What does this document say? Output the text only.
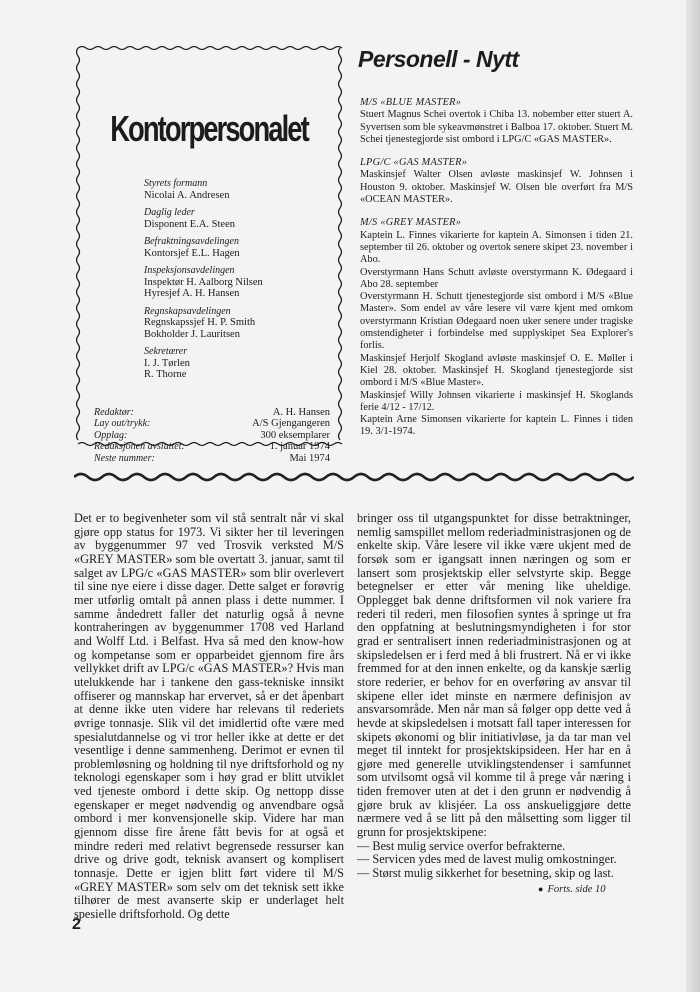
Kontorpersonalet
Styrets formann
Nicolai A. Andresen
Daglig leder
Disponent E.A. Steen
Befraktningsavdelingen
Kontorsjef E.L. Hagen
Inspeksjonsavdelingen
Inspektør H. Aalborg Nilsen
Hyresjef A. H. Hansen
Regnskapsavdelingen
Regnskapssjef H. P. Smith
Bokholder J. Lauritsen
Sekretærer
I. J. Tørlen
R. Thorne
Redaktør:	A. H. Hansen
Lay out/trykk:	A/S Gjengangeren
Opplag:	300 eksemplarer
Redaksjonen avsluttet:	1. januar 1974
Neste nummer:	Mai 1974
Personell - Nytt
M/S «BLUE MASTER»

Stuert Magnus Schei overtok i Chiba 13. nobember etter stuert A. Syvertsen som ble sykeavmønstret i Balboa 17. oktober. Stuert M. Schei tjenestegjorde sist ombord i LPG/C «GAS MASTER».

LPG/C «GAS MASTER»

Maskinsjef Walter Olsen avløste maskinsjef W. Johnsen i Houston 9. oktober. Maskinsjef W. Olsen ble overført fra M/S «OCEAN MASTER».

M/S «GREY MASTER»

Kaptein L. Finnes vikarierte for kaptein A. Simonsen i tiden 21. september til 26. oktober og overtok senere skipet 23. november i Abo.

Overstyrmann Hans Schutt avløste overstyrmann K. Ødegaard i Abo 28. september

Overstyrmann H. Schutt tjenestegjorde sist ombord i M/S «Blue Master». Som endel av våre lesere vil være kjent med omkom overstyrmann Kristian Ødegaard noen uker senere under tragiske omstendigheter i forbindelse med supplyskipet Sea Explorer's forlis.

Maskinsjef Herjolf Skogland avløste maskinsjef O. E. Møller i Kiel 28. oktober. Maskinsjef H. Skogland tjenestegjorde sist ombord i M/S «Blue Master».

Maskinsjef Willy Johnsen vikarierte i maskinsjef H. Skoglands ferie 4/12 - 17/12.

Kaptein Arne Simonsen vikarierte for kaptein L. Finnes i tiden 19. 3/1-1974.

Det er to begivenheter som vil stå sentralt når vi skal gjøre opp status for 1973. Vi sikter her til leveringen av byggenummer 97 ved Trosvik verksted M/S «GREY MASTER» som ble overtatt 3. januar, samt til salget av LPG/c «GAS MASTER» som blir overlevert til sine nye eiere i disse dager. Dette salget er forøvrig mer utførlig omtalt på annen plass i dette nummer. I samme åndedrett faller det naturlig også å nevne kontraheringen av byggenummer 1708 ved Harland and Wolff Ltd. i Belfast. Hva så med den know-how og kompetanse som er opparbeidet gjennom fire års vellykket drift av LPG/c «GAS MASTER»? Hvis man utelukkende har i tankene den gass-tekniske innsikt offiserer og mannskap har ervervet, så er det åpenbart at denne ikke uten videre har relevans til rederiets øvrige tonnasje. Slik vil det imidlertid ofte være med spesialutdannelse og vi tror heller ikke at dette er det vesentlige i denne sammenheng. Derimot er evnen til problemløsning og holdning til nye driftsforhold og ny teknologi egenskaper som i høy grad er blitt utviklet ved tjeneste ombord i dette skip. Og nettopp disse egenskaper er meget nødvendig og anvendbare også ombord i mer konvensjonelle skip. Videre har man gjennom disse fire årene fått bevis for at også et mindre rederi med relativt begrensede ressurser kan drive og drive godt, teknisk avansert og komplisert tonnasje. Dette er igjen blitt ført videre til M/S «GREY MASTER» som selv om det teknisk sett ikke tilhører de mest avanserte skip er underlaget helt spesielle driftsforhold. Og dette

bringer oss til utgangspunktet for disse betraktninger, nemlig samspillet mellom rederiadministrasjonen og de enkelte skip. Våre lesere vil ikke være ukjent med de forsøk som er igangsatt innen næringen og som er lansert som prosjektskip eller selvstyrte skip. Begge betegnelser er etter vår mening like uheldige. Opplegget bak denne driftsformen vil nok variere fra rederi til rederi, men filosofien syntes å springe ut fra den oppfatning at beslutningsmyndigheten i for stor grad er sentralisert innen rederiadministrasjonen og at skipsledelsen er i ferd med å bli frustrert. Nå er vi ikke fremmed for at den innen enkelte, og da kanskje særlig store rederier, er behov for en overføring av ansvar til skipene eller idet minste en nærmere definisjon av ansvarsområde. Men når man så følger opp dette ved å hevde at skipsledelsen i motsatt fall taper interessen for skipets økonomi og blir initiativløse, ja da tar man vel meget til inntekt for prosjektskipsideen. Her har en å gjøre med generelle utviklingstendenser i samfunnet som utvilsomt også vil komme til å prege vår næring i tiden fremover uten at det i den grunn er nødvendig å gjøre bruk av klisjéer. La oss anskueliggjøre dette nærmere ved å se litt på den målsetting som ligger til grunn for prosjektskipene:

— Best mulig service overfor befrakterne.

— Servicen ydes med de lavest mulig omkostninger.

— Størst mulig sikkerhet for besetning, skip og last.

● Forts. side 10
2
